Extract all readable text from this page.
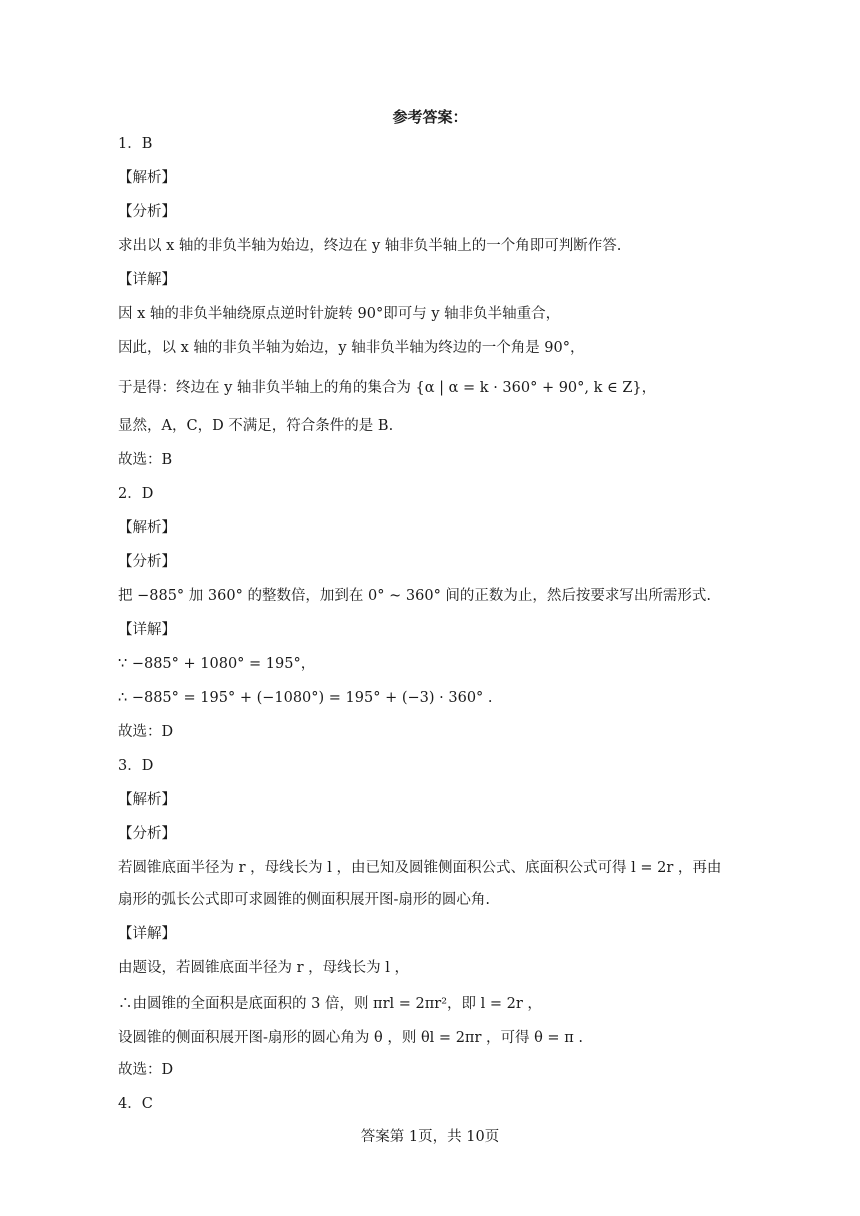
参考答案：
1．B
【解析】
【分析】
求出以 x 轴的非负半轴为始边，终边在 y 轴非负半轴上的一个角即可判断作答.
【详解】
因 x 轴的非负半轴绕原点逆时针旋转 90°即可与 y 轴非负半轴重合，
因此，以 x 轴的非负半轴为始边，y 轴非负半轴为终边的一个角是 90°，
于是得：终边在 y 轴非负半轴上的角的集合为 {α | α = k · 360° + 90°, k ∈ Z}，
显然，A，C，D 不满足，符合条件的是 B.
故选：B
2．D
【解析】
【分析】
把 −885° 加 360° 的整数倍，加到在 0° ~ 360° 间的正数为止，然后按要求写出所需形式.
【详解】
∵ −885° + 1080° = 195°，
∴ −885° = 195° + (−1080°) = 195° + (−3) · 360° .
故选：D
3．D
【解析】
【分析】
若圆锥底面半径为 r ，母线长为 l ，由已知及圆锥侧面积公式、底面积公式可得 l = 2r ，再由
扇形的弧长公式即可求圆锥的侧面积展开图-扇形的圆心角.
【详解】
由题设，若圆锥底面半径为 r ，母线长为 l ，
∴由圆锥的全面积是底面积的 3 倍，则 πrl = 2πr²，即 l = 2r ，
设圆锥的侧面积展开图-扇形的圆心角为 θ ，则 θl = 2πr ，可得 θ = π .
故选：D
4．C
答案第 1页，共 10页
